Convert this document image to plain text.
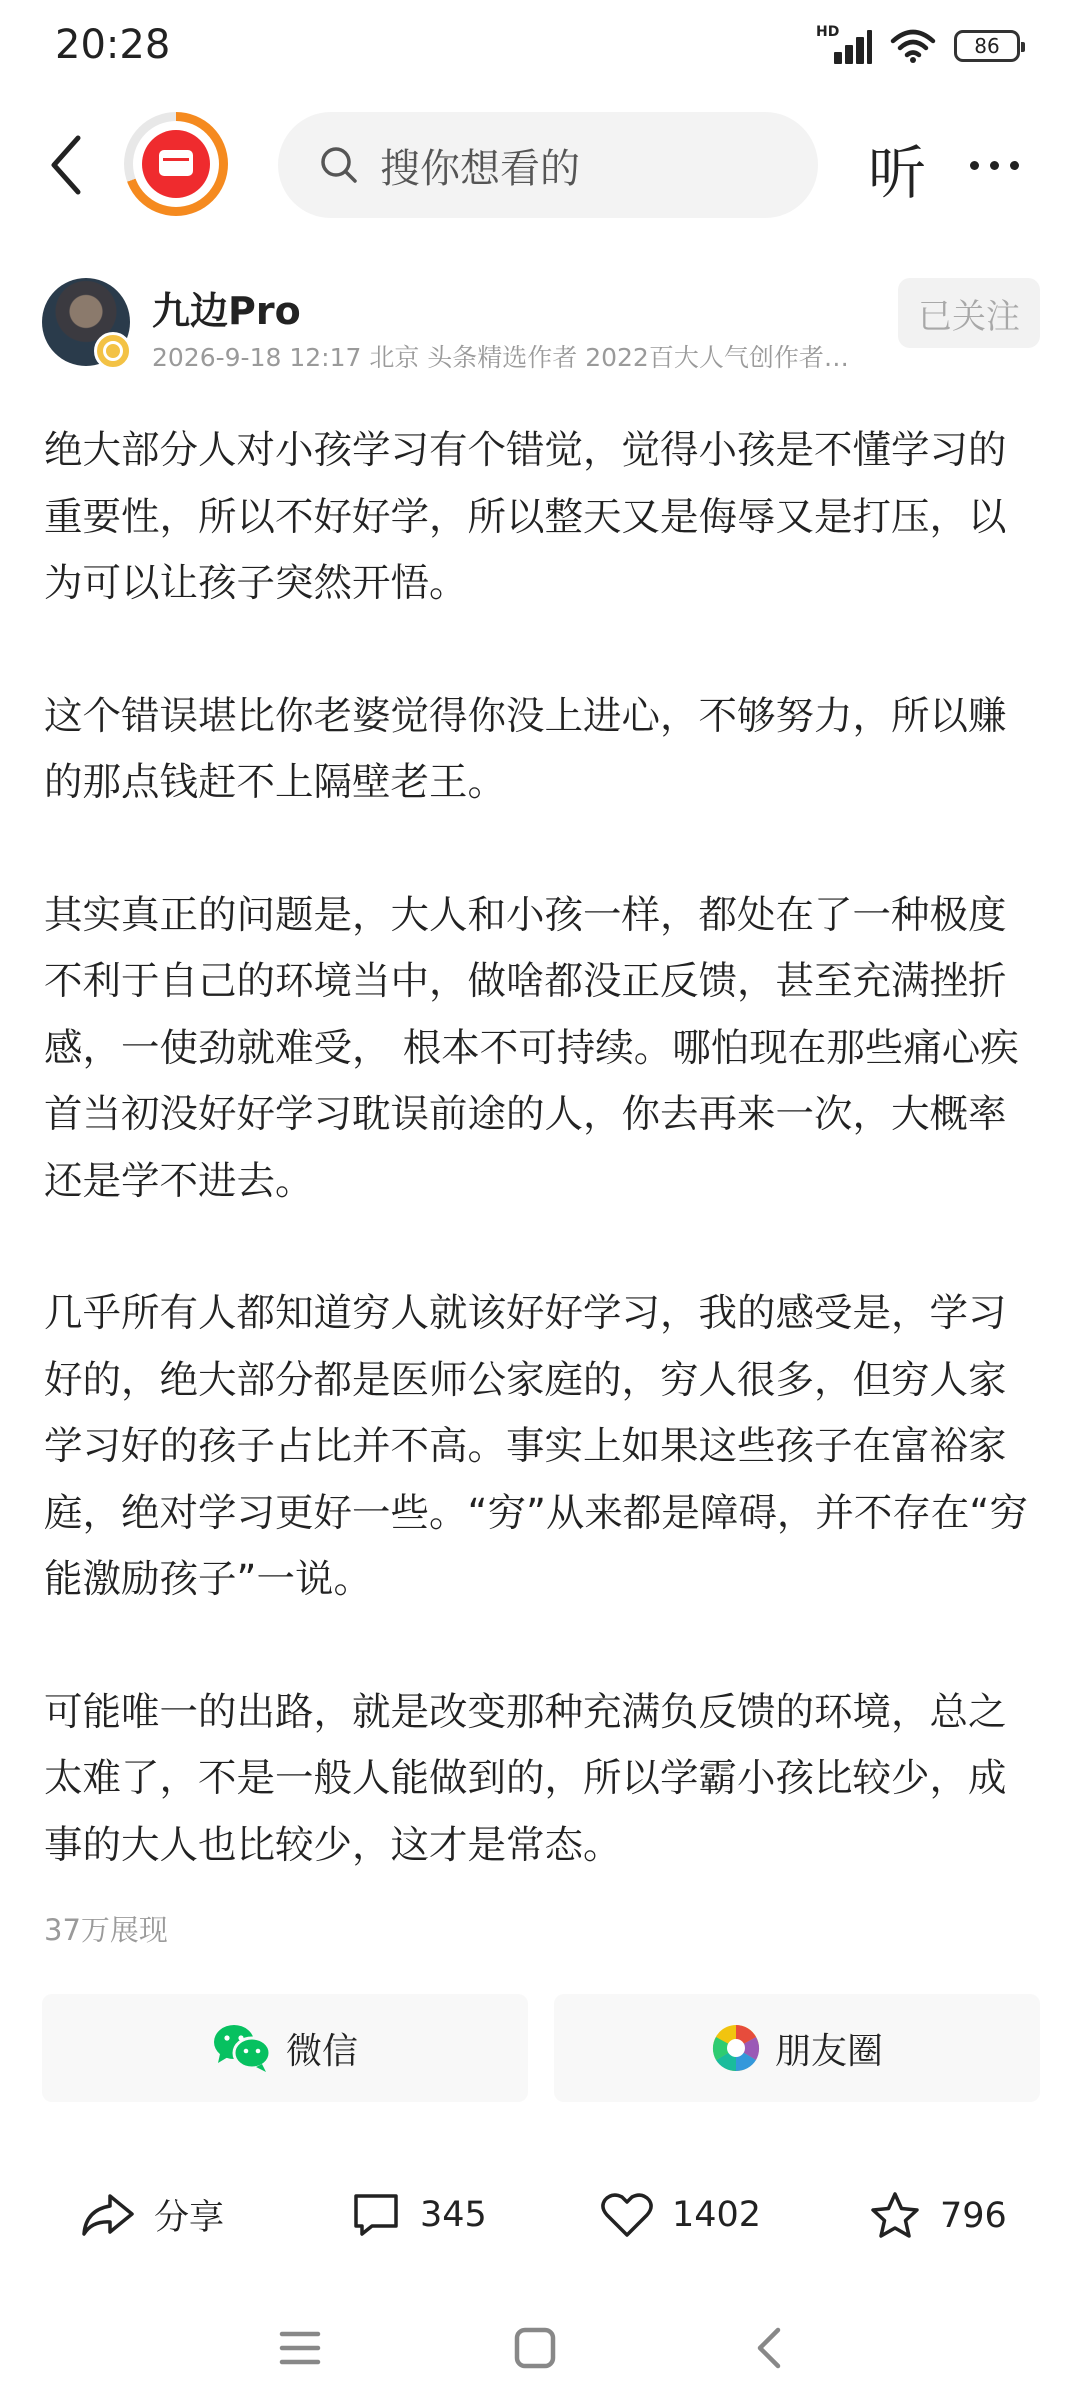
20:28	HD
86
搜你想看的	听
九边Pro
2026-9-18 12:17 北京 头条精选作者 2022百大人气创作者…
已关注

绝大部分人对小孩学习有个错觉，觉得小孩是不懂学习的重要性，所以不好好学，所以整天又是侮辱又是打压，以为可以让孩子突然开悟。

这个错误堪比你老婆觉得你没上进心，不够努力，所以赚的那点钱赶不上隔壁老王。

其实真正的问题是，大人和小孩一样，都处在了一种极度不利于自己的环境当中，做啥都没正反馈，甚至充满挫折感，一使劲就难受， 根本不可持续。哪怕现在那些痛心疾首当初没好好学习耽误前途的人，你去再来一次，大概率还是学不进去。

几乎所有人都知道穷人就该好好学习，我的感受是，学习好的，绝大部分都是医师公家庭的，穷人很多，但穷人家学习好的孩子占比并不高。事实上如果这些孩子在富裕家庭，绝对学习更好一些。“穷”从来都是障碍，并不存在“穷能激励孩子”一说。

可能唯一的出路，就是改变那种充满负反馈的环境，总之太难了，不是一般人能做到的，所以学霸小孩比较少，成事的大人也比较少，这才是常态。

37万展现
微信	朋友圈
分享	345	1402	796
